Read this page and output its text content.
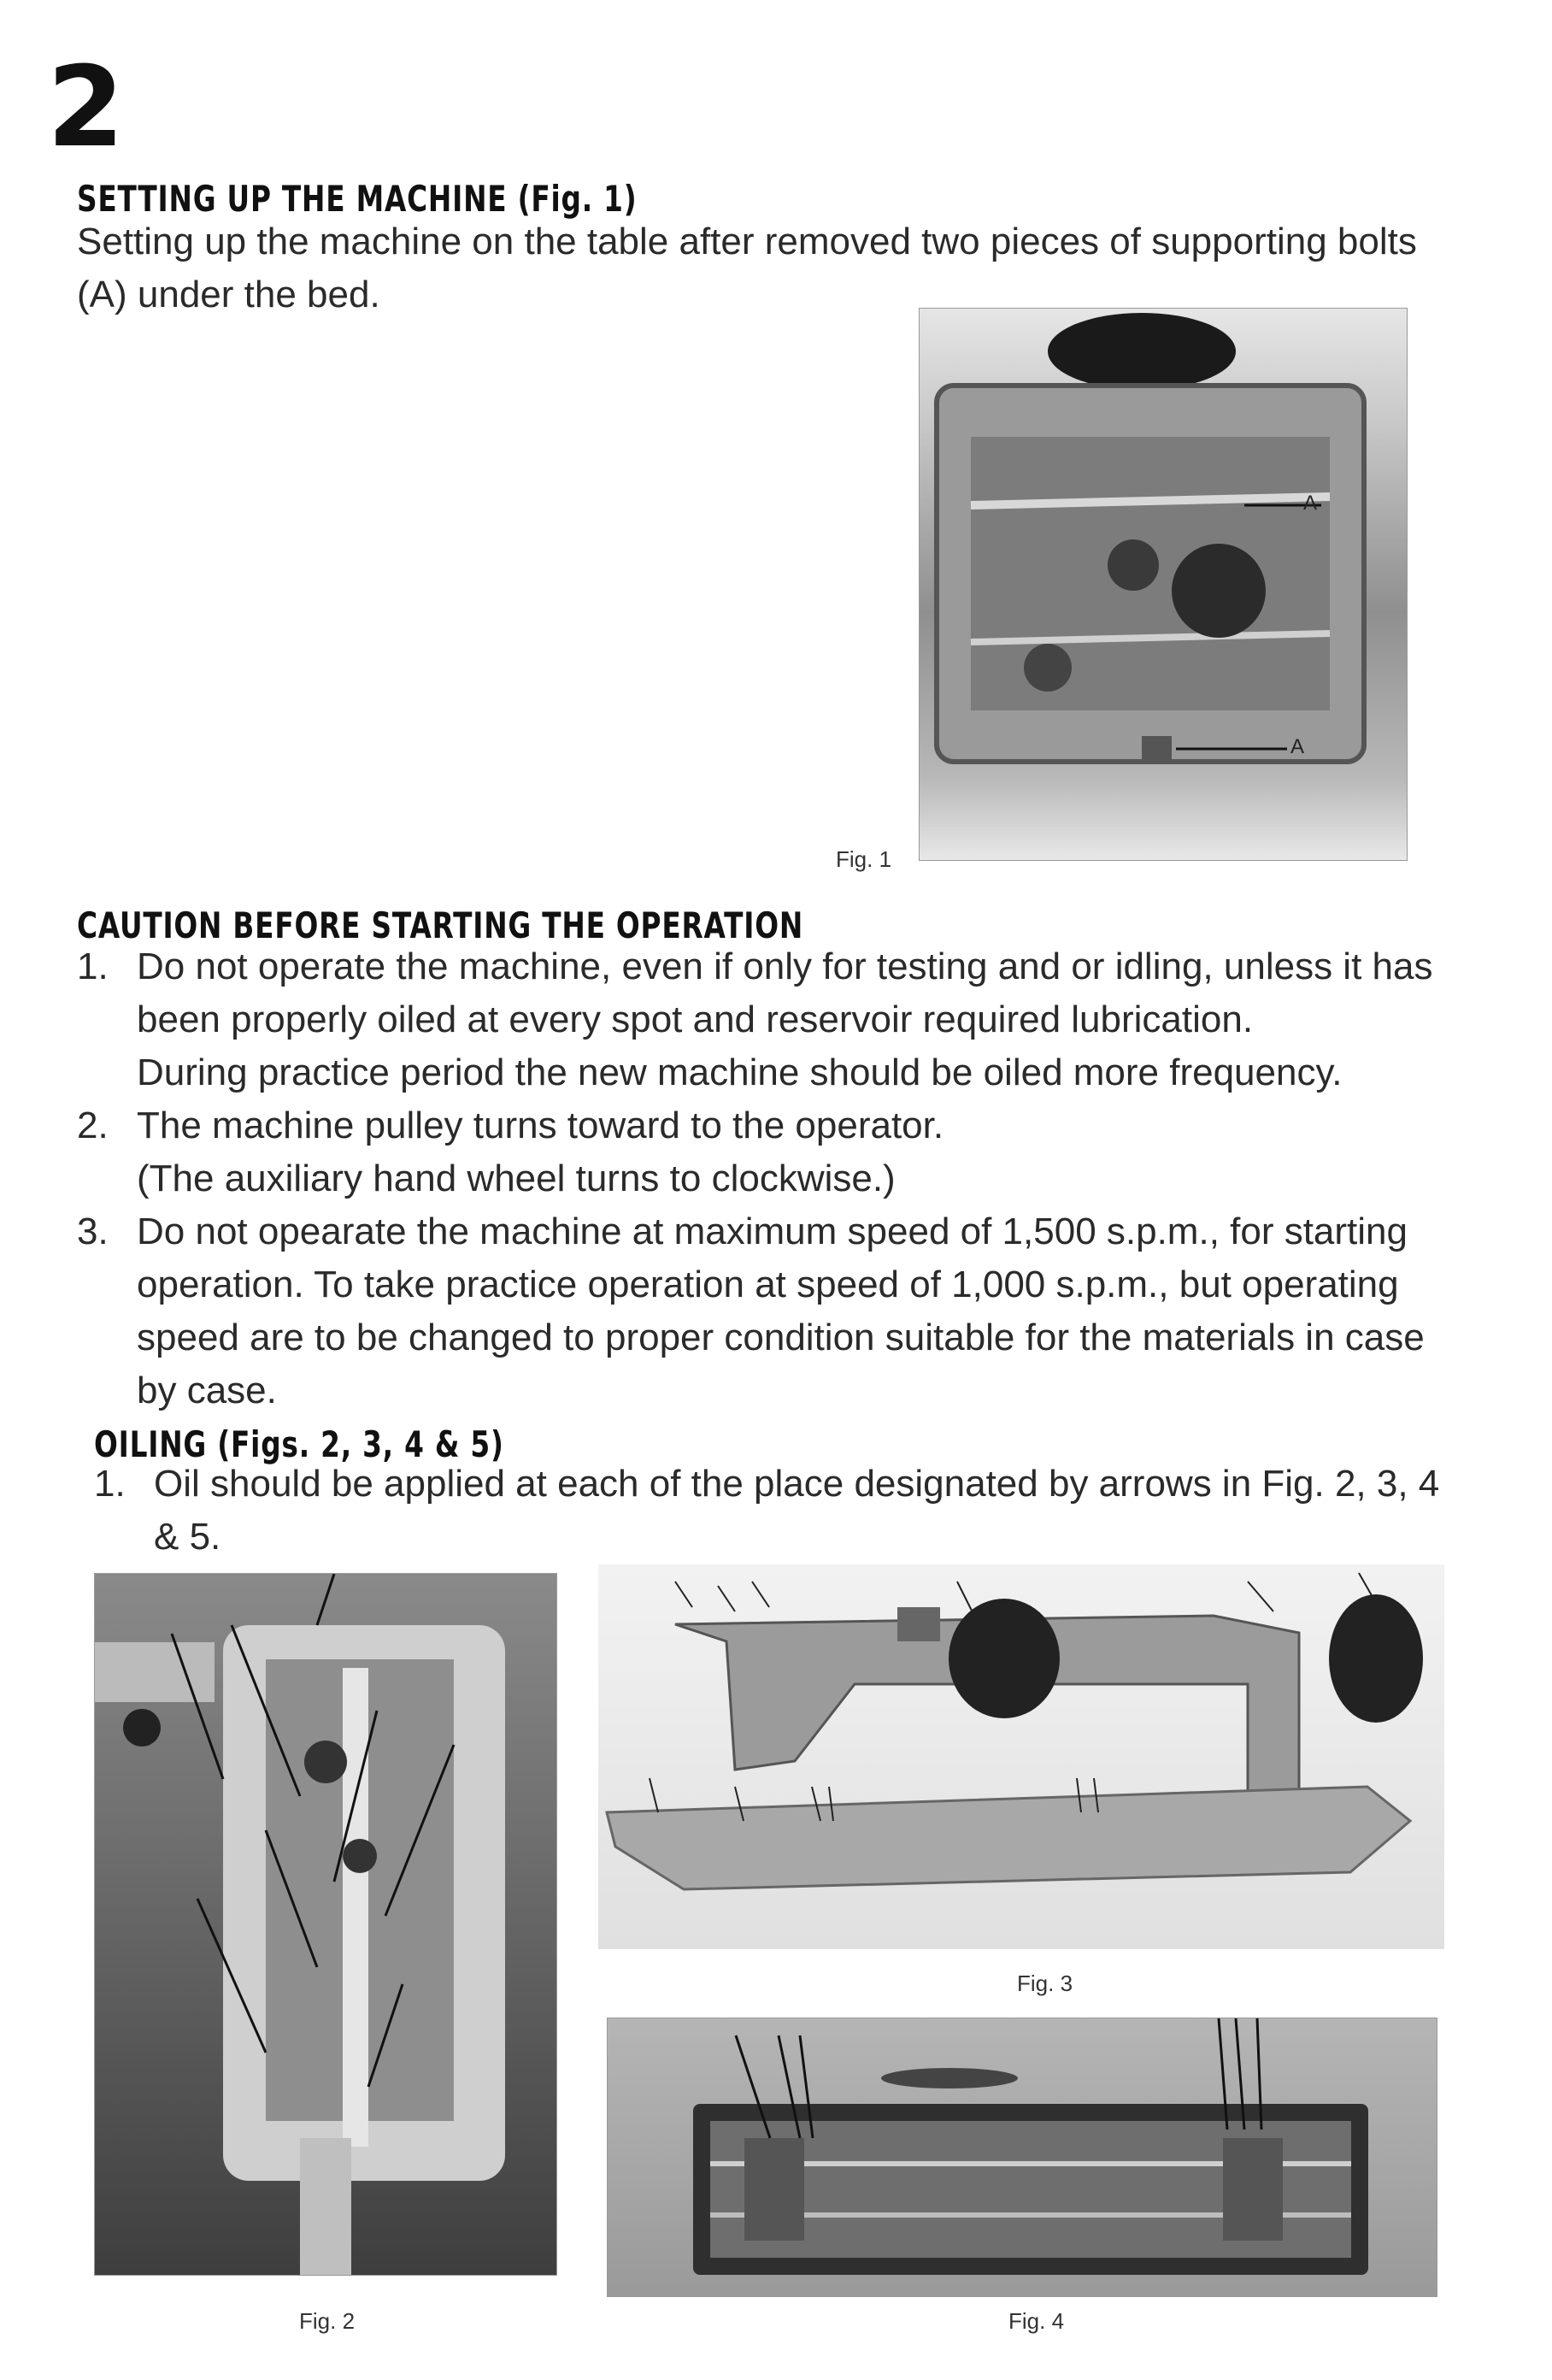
2
SETTING UP THE MACHINE (Fig. 1)
Setting up the machine on the table after removed two pieces of supporting bolts (A) under the bed.
A
A
Fig. 1
CAUTION BEFORE STARTING THE OPERATION
1. Do not operate the machine, even if only for testing and or idling, unless it has been properly oiled at every spot and reservoir required lubrication.
During practice period the new machine should be oiled more frequency.
2. The machine pulley turns toward to the operator.
(The auxiliary hand wheel turns to clockwise.)
3. Do not opearate the machine at maximum speed of 1,500 s.p.m., for starting operation. To take practice operation at speed of 1,000 s.p.m., but operating speed are to be changed to proper condition suitable for the materials in case by case.
OILING (Figs. 2, 3, 4 & 5)
1. Oil should be applied at each of the place designated by arrows in Fig. 2, 3, 4 & 5.
Fig. 2
Fig. 3
Fig. 4
